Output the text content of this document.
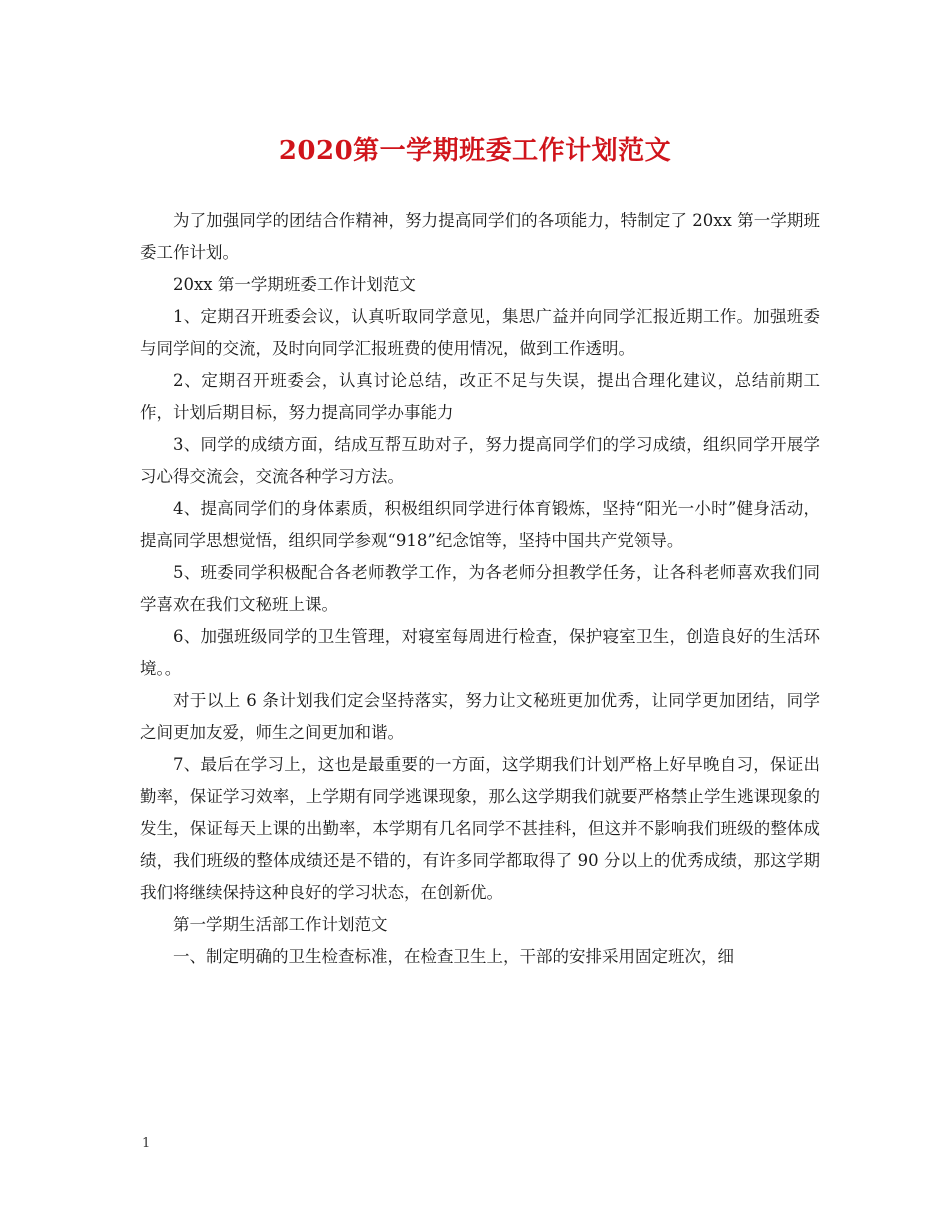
2020第一学期班委工作计划范文

为了加强同学的团结合作精神，努力提高同学们的各项能力，特制定了 20xx 第一学期班委工作计划。

20xx 第一学期班委工作计划范文

1、定期召开班委会议，认真听取同学意见，集思广益并向同学汇报近期工作。加强班委与同学间的交流，及时向同学汇报班费的使用情况，做到工作透明。

2、定期召开班委会，认真讨论总结，改正不足与失误，提出合理化建议，总结前期工作，计划后期目标，努力提高同学办事能力

3、同学的成绩方面，结成互帮互助对子，努力提高同学们的学习成绩，组织同学开展学习心得交流会，交流各种学习方法。

4、提高同学们的身体素质，积极组织同学进行体育锻炼，坚持“阳光一小时”健身活动，提高同学思想觉悟，组织同学参观“918”纪念馆等，坚持中国共产党领导。

5、班委同学积极配合各老师教学工作，为各老师分担教学任务，让各科老师喜欢我们同学喜欢在我们文秘班上课。

6、加强班级同学的卫生管理，对寝室每周进行检查，保护寝室卫生，创造良好的生活环境。。

对于以上 6 条计划我们定会坚持落实，努力让文秘班更加优秀，让同学更加团结，同学之间更加友爱，师生之间更加和谐。

7、最后在学习上，这也是最重要的一方面，这学期我们计划严格上好早晚自习，保证出勤率，保证学习效率，上学期有同学逃课现象，那么这学期我们就要严格禁止学生逃课现象的发生，保证每天上课的出勤率，本学期有几名同学不甚挂科，但这并不影响我们班级的整体成绩，我们班级的整体成绩还是不错的，有许多同学都取得了 90 分以上的优秀成绩，那这学期我们将继续保持这种良好的学习状态，在创新优。

第一学期生活部工作计划范文

一、制定明确的卫生检查标准，在检查卫生上，干部的安排采用固定班次，细

1
